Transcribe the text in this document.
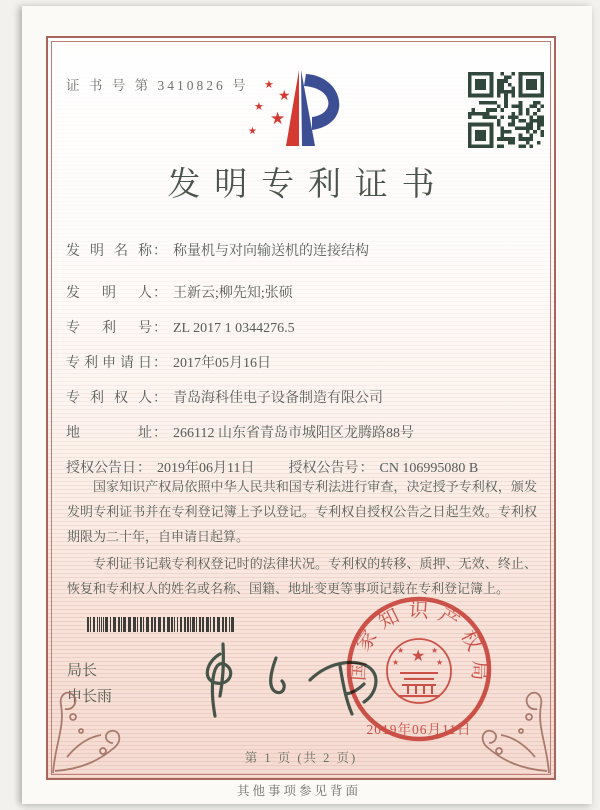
证 书 号 第 3410826 号 ★
★
★
★
★
发明专利证书
发明名称： 称量机与对向输送机的连接结构
发明人： 王新云;柳先知;张硕
专利号： ZL 2017 1 0344276.5
专利申请日： 2017年05月16日
专利权人： 青岛海科佳电子设备制造有限公司
地址： 266112 山东省青岛市城阳区龙腾路88号
授权公告日： 2019年06月11日 授权公告号： CN 106995080 B

国家知识产权局依照中华人民共和国专利法进行审查，决定授予专利权，颁发发明专利证书并在专利登记簿上予以登记。专利权自授权公告之日起生效。专利权期限为二十年，自申请日起算。

专利证书记载专利权登记时的法律状况。专利权的转移、质押、无效、终止、恢复和专利权人的姓名或名称、国籍、地址变更等事项记载在专利登记簿上。

局长
申长雨
国家知识产权局
★
★	★
★	★
2019年06月11日
第 1 页 (共 2 页)
其他事项参见背面
